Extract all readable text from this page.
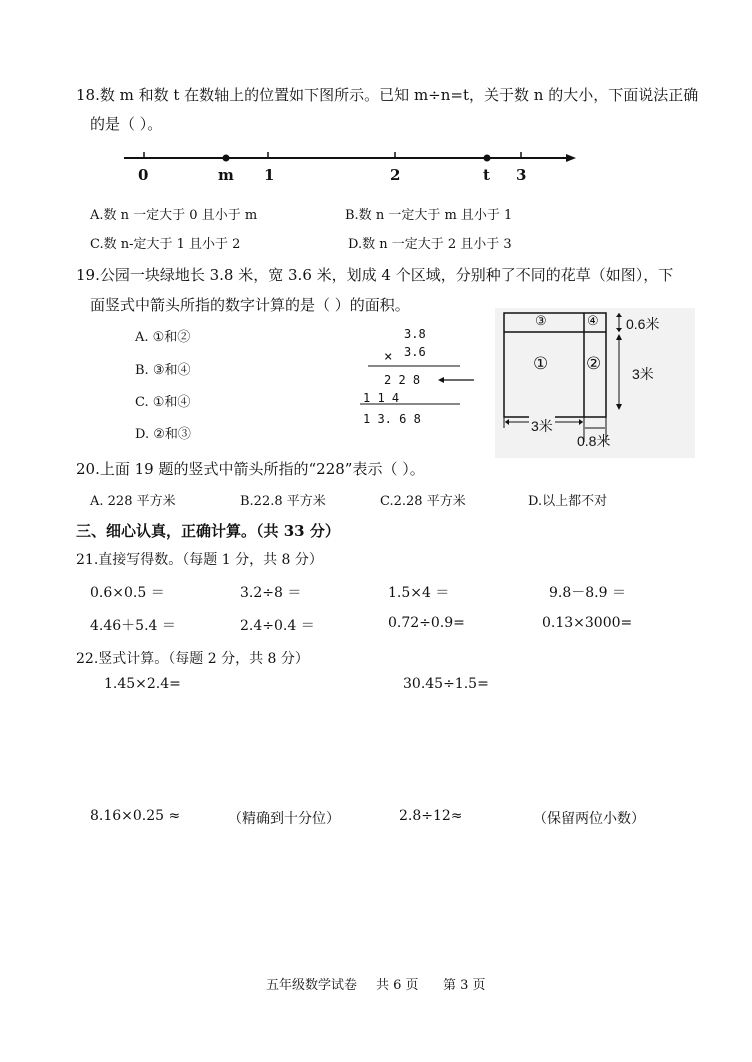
18.数 m 和数 t 在数轴上的位置如下图所示。已知 m÷n=t，关于数 n 的大小，下面说法正确
的是（ ）。
0	m 1	2	t 3
A.数 n 一定大于 0 且小于 m	B.数 n 一定大于 m 且小于 1
C.数 n-定大于 1 且小于 2	D.数 n 一定大于 2 且小于 3
19.公园一块绿地长 3.8 米，宽 3.6 米，划成 4 个区域，分别种了不同的花草（如图），下
面竖式中箭头所指的数字计算的是（ ）的面积。
A. ①和②
B. ③和④
C. ①和④
D. ②和③
3.8
× 3.6
2 2 8
1 1 4
1 3. 6 8
③	④
① ②
0.6米
3米
3米
0.8米
20.上面 19 题的竖式中箭头所指的“228”表示（ ）。
A. 228 平方米	B.22.8 平方米	C.2.28 平方米	D.以上都不对
三、细心认真，正确计算。（共 33 分）
21.直接写得数。（每题 1 分，共 8 分）
0.6×0.5 ＝	3.2÷8 ＝	1.5×4 ＝	9.8－8.9 ＝
4.46＋5.4 ＝	2.4÷0.4 ＝	0.72÷0.9=	0.13×3000=
22.竖式计算。（每题 2 分，共 8 分）
1.45×2.4=	30.45÷1.5=
8.16×0.25 ≈	（精确到十分位）	2.8÷12≈	（保留两位小数）
五年级数学试卷 共 6 页 第 3 页
